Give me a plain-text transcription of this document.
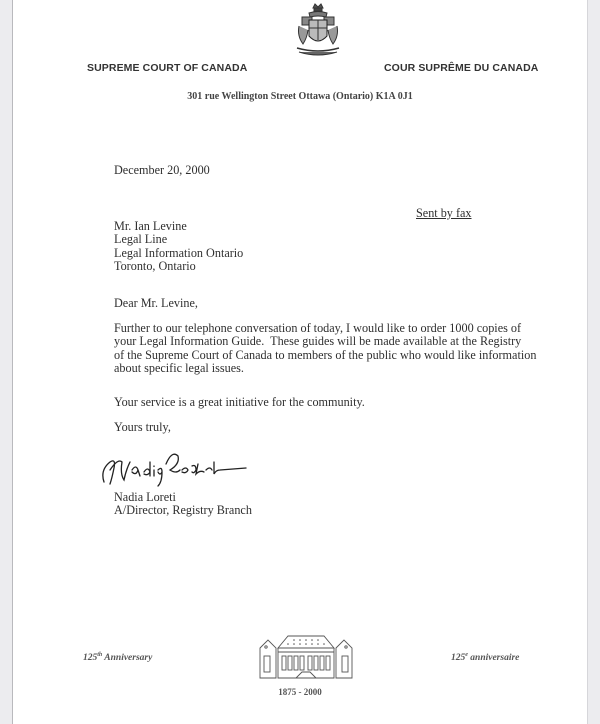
SUPREME COURT OF CANADA	COUR SUPRÊME DU CANADA
301 rue Wellington Street Ottawa (Ontario) K1A 0J1
December 20, 2000
Sent by fax
Mr. Ian Levine
Legal Line
Legal Information Ontario
Toronto, Ontario
Dear Mr. Levine,
Further to our telephone conversation of today, I would like to order 1000 copies of
your Legal Information Guide.  These guides will be made available at the Registry
of the Supreme Court of Canada to members of the public who would like information
about specific legal issues.
Your service is a great initiative for the community.
Yours truly,
Nadia Loreti
A/Director, Registry Branch
125th Anniversary	125e anniversaire
1875 - 2000
